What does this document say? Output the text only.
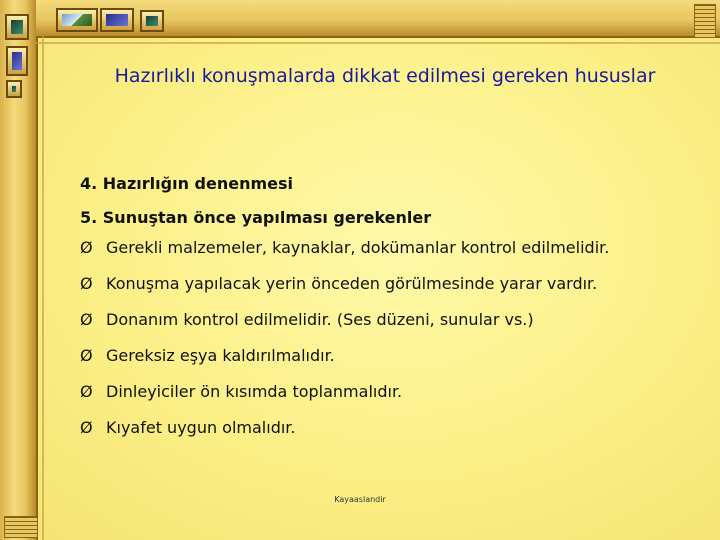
Hazırlıklı konuşmalarda dikkat edilmesi gereken hususlar
4. Hazırlığın denenmesi
5. Sunuştan önce yapılması gerekenler
Ø Gerekli malzemeler, kaynaklar, dokümanlar kontrol edilmelidir.
Ø Konuşma yapılacak yerin önceden görülmesinde yarar vardır.
Ø Donanım kontrol edilmelidir. (Ses düzeni, sunular vs.)
Ø Gereksiz eşya kaldırılmalıdır.
Ø Dinleyiciler ön kısımda toplanmalıdır.
Ø Kıyafet uygun olmalıdır.
Kayaaslandir
